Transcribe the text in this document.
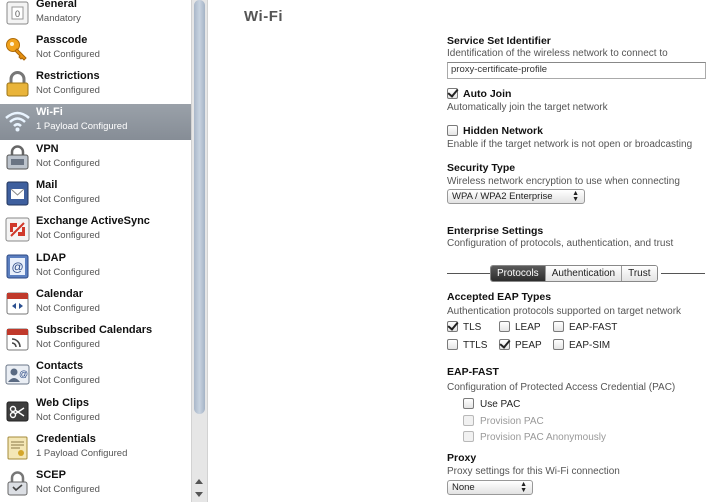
0
General
Mandatory
Passcode
Not Configured
Restrictions
Not Configured
Wi-Fi
1 Payload Configured
VPN
Not Configured
Mail
Not Configured
Exchange ActiveSync
Not Configured
@
LDAP
Not Configured
Calendar
Not Configured
Subscribed Calendars
Not Configured
@
Contacts
Not Configured
Web Clips
Not Configured
Credentials
1 Payload Configured
SCEP
Not Configured
Wi-Fi
Service Set Identifier
Identification of the wireless network to connect to
proxy-certificate-profile
Auto Join
Automatically join the target network
Hidden Network
Enable if the target network is not open or broadcasting
Security Type
Wireless network encryption to use when connecting
WPA / WPA2 Enterprise	▲
▼
Enterprise Settings
Configuration of protocols, authentication, and trust
Protocols	Authentication	Trust
Accepted EAP Types
Authentication protocols supported on target network
TLS	LEAP	EAP-FAST
TTLS	PEAP	EAP-SIM
EAP-FAST
Configuration of Protected Access Credential (PAC)
Use PAC
Provision PAC
Provision PAC Anonymously
Proxy
Proxy settings for this Wi-Fi connection
None	▲
▼
